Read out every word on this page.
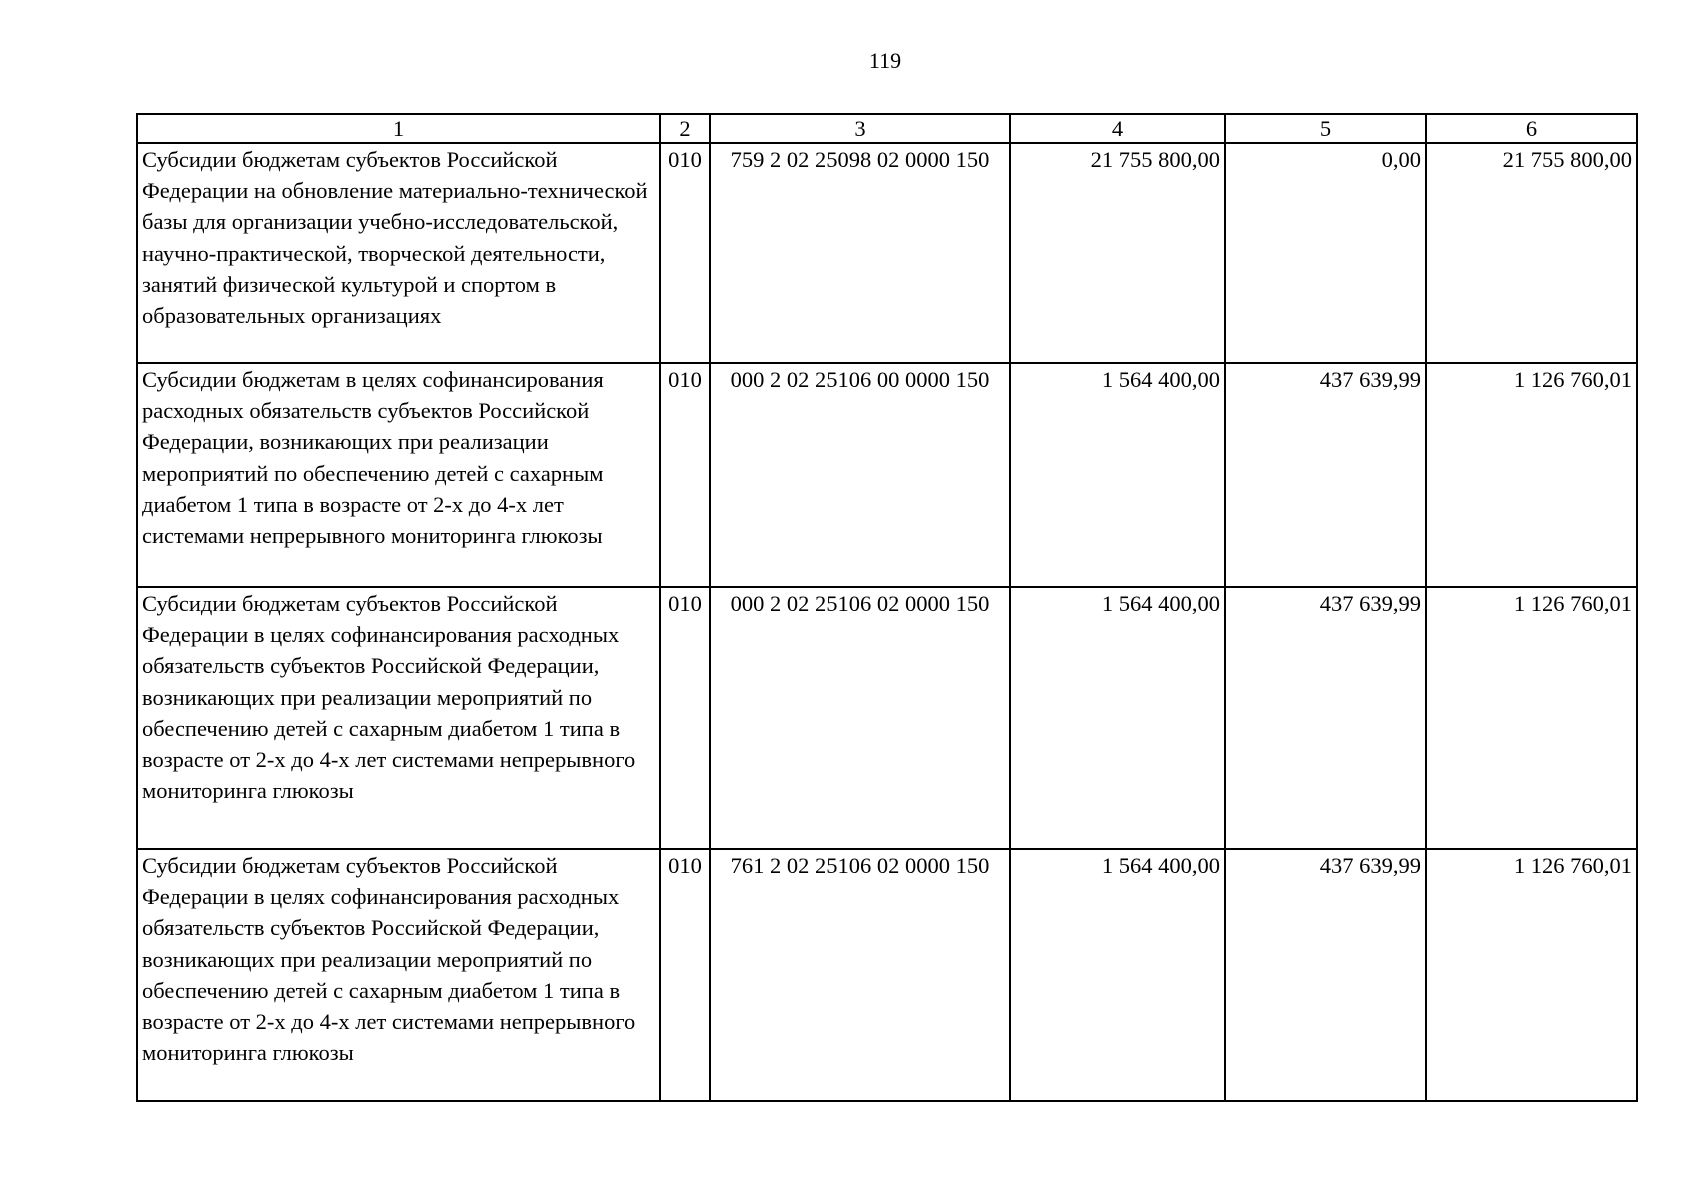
119
1	2	3	4	5	6
Субсидии бюджетам субъектов Российской Федерации на обновление материально-технической базы для организации учебно-исследовательской, научно-практической, творческой деятельности, занятий физической культурой и спортом в образовательных организациях	010	759 2 02 25098 02 0000 150	21 755 800,00	0,00	21 755 800,00
Субсидии бюджетам в целях софинансирования расходных обязательств субъектов Российской Федерации, возникающих при реализации мероприятий по обеспечению детей с сахарным диабетом 1 типа в возрасте от 2-х до 4-х лет системами непрерывного мониторинга глюкозы	010	000 2 02 25106 00 0000 150	1 564 400,00	437 639,99	1 126 760,01
Субсидии бюджетам субъектов Российской Федерации в целях софинансирования расходных обязательств субъектов Российской Федерации, возникающих при реализации мероприятий по обеспечению детей с сахарным диабетом 1 типа в возрасте от 2-х до 4-х лет системами непрерывного мониторинга глюкозы	010	000 2 02 25106 02 0000 150	1 564 400,00	437 639,99	1 126 760,01
Субсидии бюджетам субъектов Российской Федерации в целях софинансирования расходных обязательств субъектов Российской Федерации, возникающих при реализации мероприятий по обеспечению детей с сахарным диабетом 1 типа в возрасте от 2-х до 4-х лет системами непрерывного мониторинга глюкозы	010	761 2 02 25106 02 0000 150	1 564 400,00	437 639,99	1 126 760,01
